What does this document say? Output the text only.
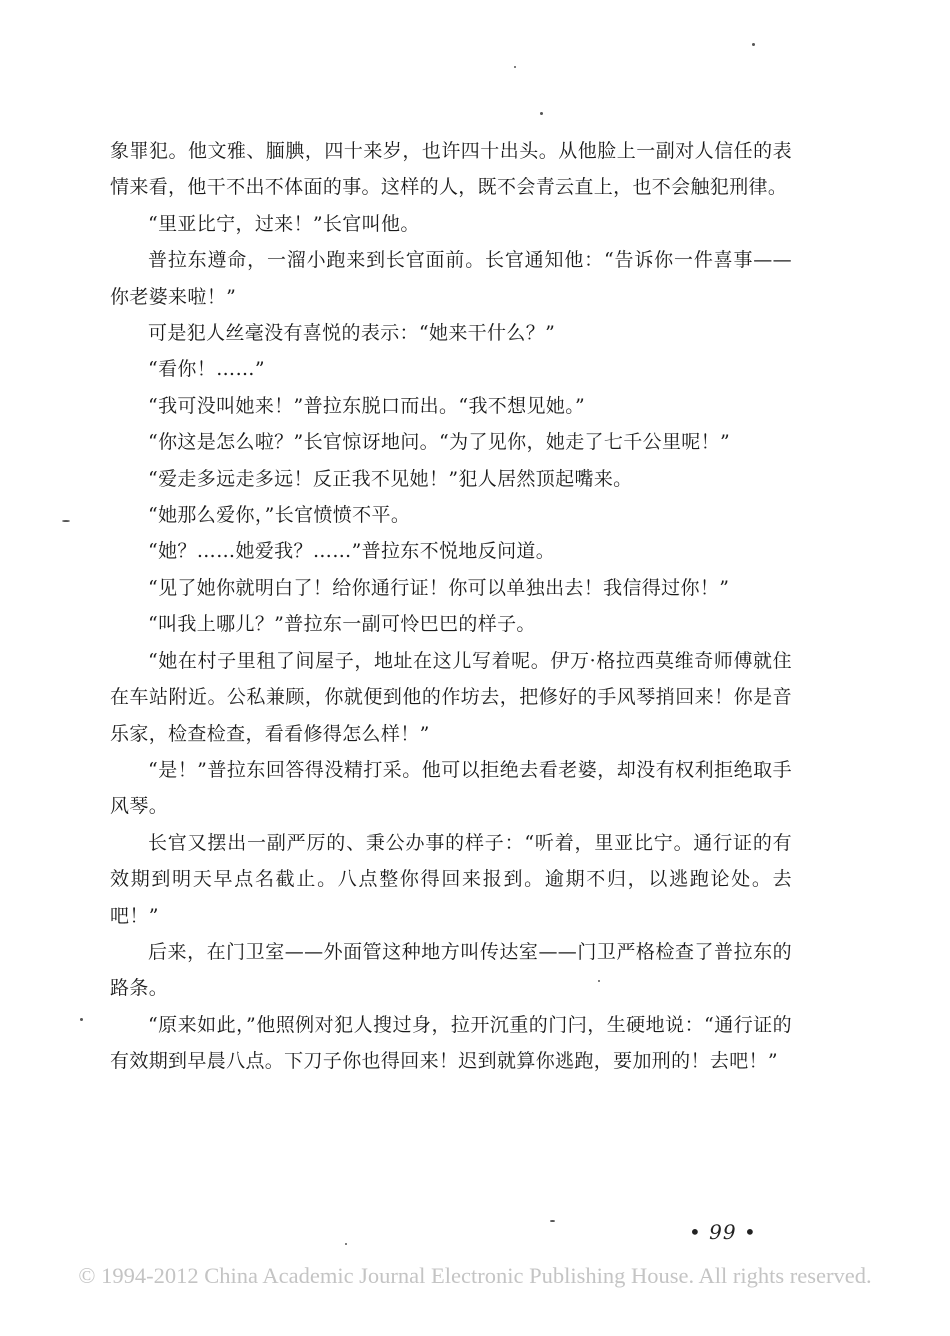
象罪犯。他文雅、腼腆，四十来岁，也许四十出头。从他脸上一副对人信任的表情来看，他干不出不体面的事。这样的人，既不会青云直上，也不会触犯刑律。

“里亚比宁，过来！”长官叫他。

普拉东遵命，一溜小跑来到长官面前。长官通知他：“告诉你一件喜事——你老婆来啦！”

可是犯人丝毫没有喜悦的表示：“她来干什么？”

“看你！……”

“我可没叫她来！”普拉东脱口而出。“我不想见她。”

“你这是怎么啦？”长官惊讶地问。“为了见你，她走了七千公里呢！”

“爱走多远走多远！反正我不见她！”犯人居然顶起嘴来。

“她那么爱你，”长官愤愤不平。

“她？……她爱我？……”普拉东不悦地反问道。

“见了她你就明白了！给你通行证！你可以单独出去！我信得过你！”

“叫我上哪儿？”普拉东一副可怜巴巴的样子。

“她在村子里租了间屋子，地址在这儿写着呢。伊万·格拉西莫维奇师傅就住在车站附近。公私兼顾，你就便到他的作坊去，把修好的手风琴捎回来！你是音乐家，检查检查，看看修得怎么样！”

“是！”普拉东回答得没精打采。他可以拒绝去看老婆，却没有权利拒绝取手风琴。

长官又摆出一副严厉的、秉公办事的样子：“听着，里亚比宁。通行证的有效期到明天早点名截止。八点整你得回来报到。逾期不归，以逃跑论处。去吧！”

后来，在门卫室——外面管这种地方叫传达室——门卫严格检查了普拉东的路条。

“原来如此，”他照例对犯人搜过身，拉开沉重的门闩，生硬地说：“通行证的有效期到早晨八点。下刀子你也得回来！迟到就算你逃跑，要加刑的！去吧！”

• 99 •
© 1994-2012 China Academic Journal Electronic Publishing House. All rights reserved.
